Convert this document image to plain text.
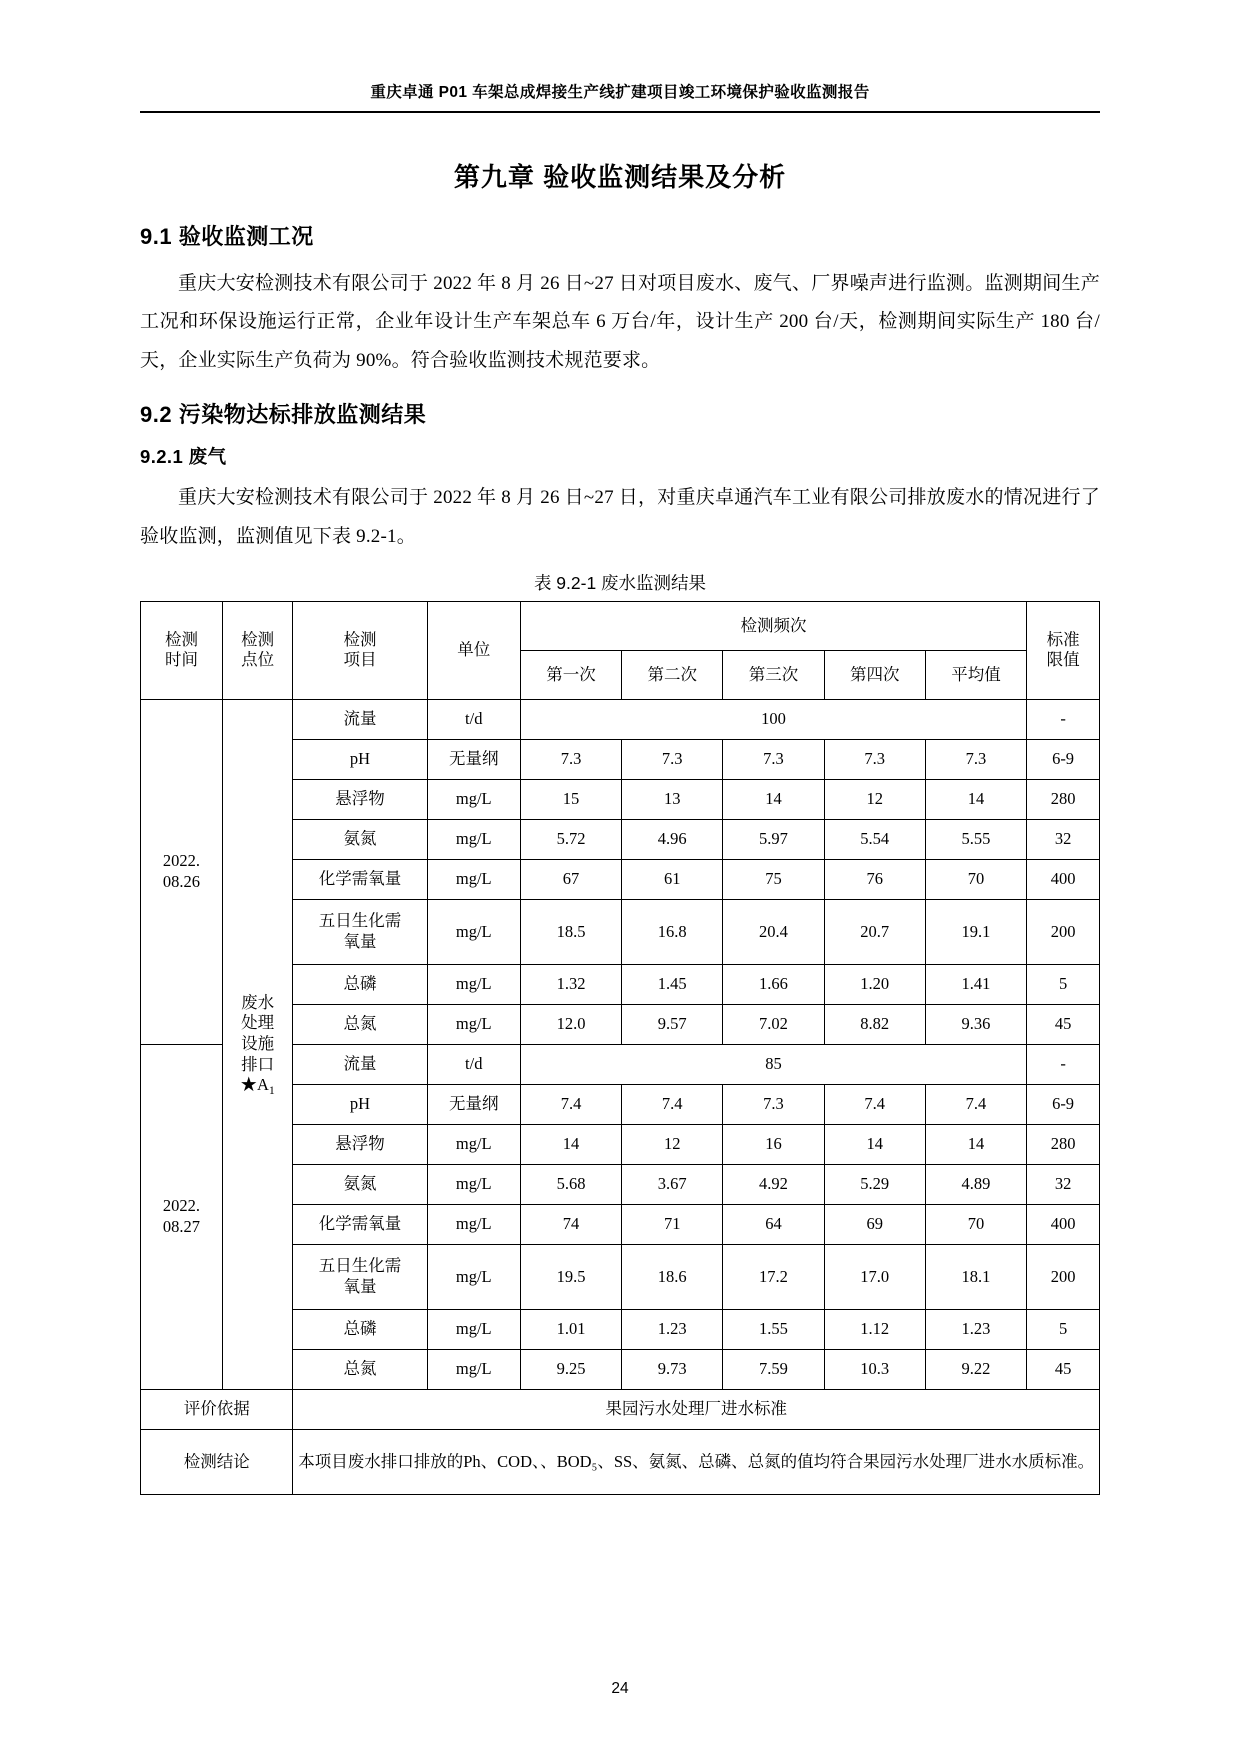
重庆卓通 P01 车架总成焊接生产线扩建项目竣工环境保护验收监测报告
第九章 验收监测结果及分析
9.1 验收监测工况

重庆大安检测技术有限公司于 2022 年 8 月 26 日~27 日对项目废水、废气、厂界噪声进行监测。监测期间生产工况和环保设施运行正常，企业年设计生产车架总车 6 万台/年，设计生产 200 台/天，检测期间实际生产 180 台/天，企业实际生产负荷为 90%。符合验收监测技术规范要求。

9.2 污染物达标排放监测结果
9.2.1 废气

重庆大安检测技术有限公司于 2022 年 8 月 26 日~27 日，对重庆卓通汽车工业有限公司排放废水的情况进行了验收监测，监测值见下表 9.2-1。

表 9.2-1 废水监测结果
检测
时间	检测
点位	检测
项目	单位	检测频次					标准
限值
				第一次	第二次	第三次	第四次	平均值	
2022.
08.26	废水
处理
设施
排口
$★A_1$	流量	t/d	100					-
		pH	无量纲	7.3	7.3	7.3	7.3	7.3	6-9
		悬浮物	mg/L	15	13	14	12	14	280
		氨氮	mg/L	5.72	4.96	5.97	5.54	5.55	32
		化学需氧量	mg/L	67	61	75	76	70	400
		五日生化需
氧量	mg/L	18.5	16.8	20.4	20.7	19.1	200
		总磷	mg/L	1.32	1.45	1.66	1.20	1.41	5
		总氮	mg/L	12.0	9.57	7.02	8.82	9.36	45
2022.
08.27		流量	t/d	85					-
		pH	无量纲	7.4	7.4	7.3	7.4	7.4	6-9
		悬浮物	mg/L	14	12	16	14	14	280
		氨氮	mg/L	5.68	3.67	4.92	5.29	4.89	32
		化学需氧量	mg/L	74	71	64	69	70	400
		五日生化需
氧量	mg/L	19.5	18.6	17.2	17.0	18.1	200
		总磷	mg/L	1.01	1.23	1.55	1.12	1.23	5
		总氮	mg/L	9.25	9.73	7.59	10.3	9.22	45
评价依据		果园污水处理厂进水标准							
检测结论		本项目废水排口排放的Ph、COD、、BOD₅、SS、氨氮、总磷、总氮的值均符合果园污水处理厂进水水质标准。							
24
